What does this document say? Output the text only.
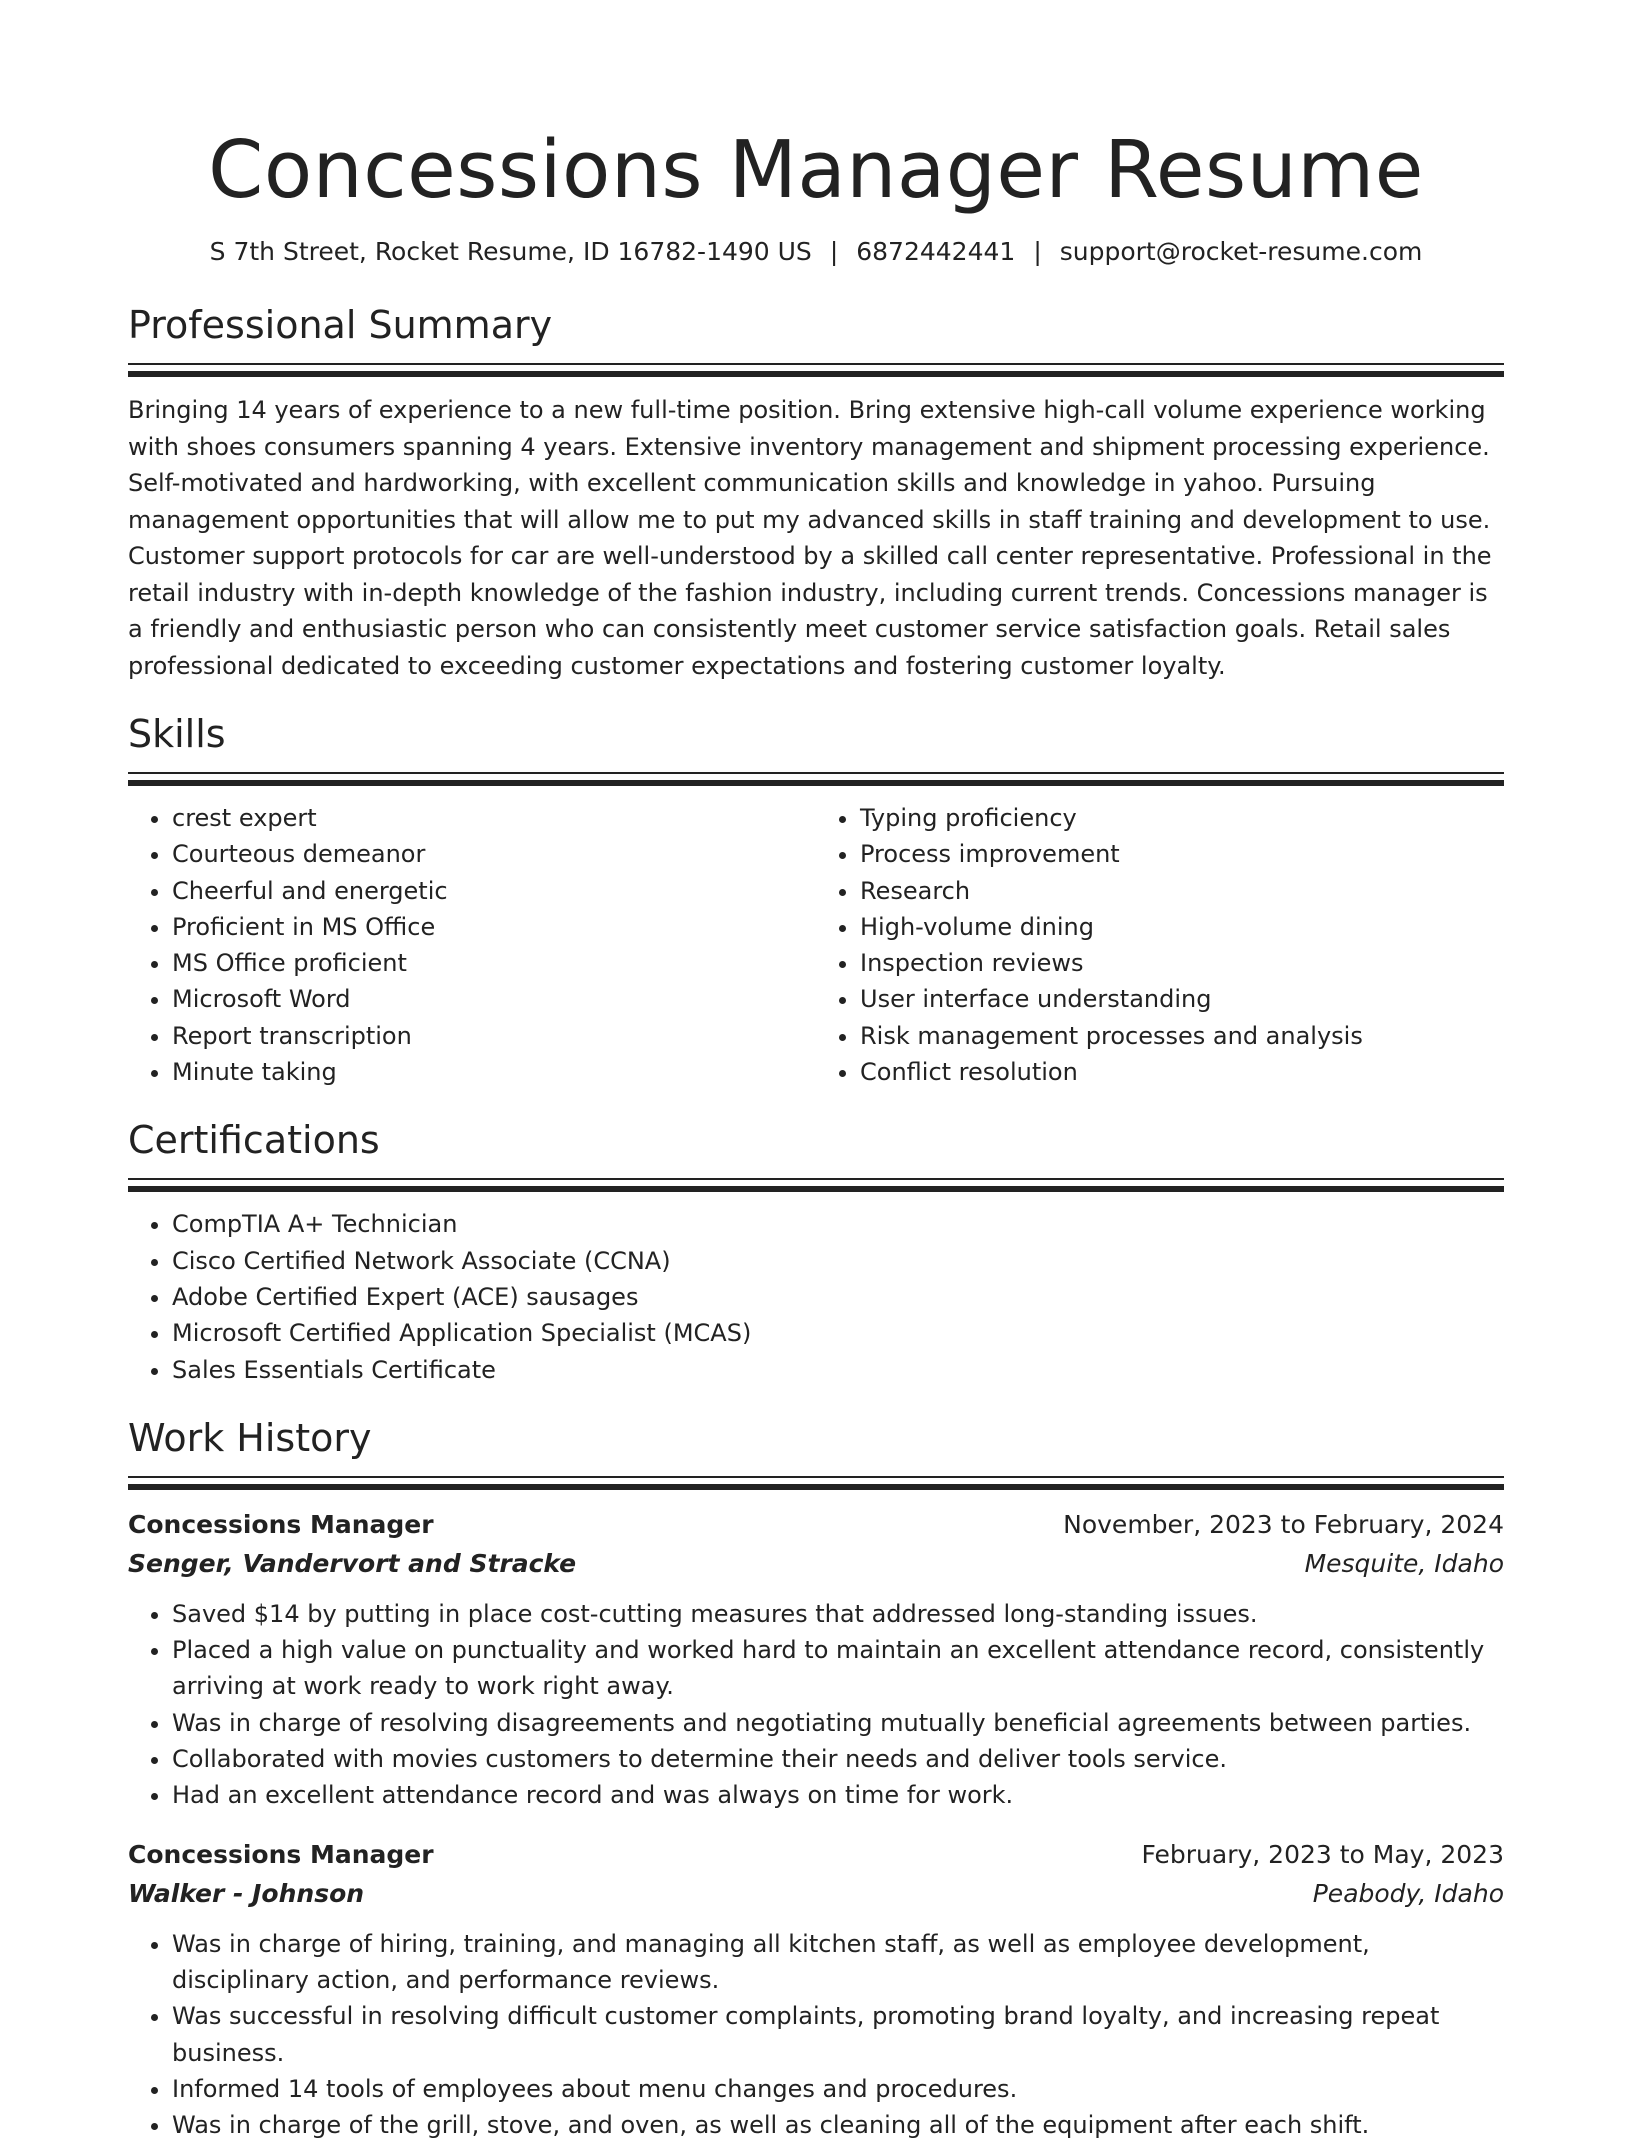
Concessions Manager Resume
S 7th Street, Rocket Resume, ID 16782-1490 US | 6872442441 | support@rocket-resume.com
Professional Summary

Bringing 14 years of experience to a new full-time position. Bring extensive high-call volume experience working with shoes consumers spanning 4 years. Extensive inventory management and shipment processing experience. Self-motivated and hardworking, with excellent communication skills and knowledge in yahoo. Pursuing management opportunities that will allow me to put my advanced skills in staff training and development to use. Customer support protocols for car are well-understood by a skilled call center representative. Professional in the retail industry with in-depth knowledge of the fashion industry, including current trends. Concessions manager is a friendly and enthusiastic person who can consistently meet customer service satisfaction goals. Retail sales professional dedicated to exceeding customer expectations and fostering customer loyalty.

Skills
• crest expert
• Courteous demeanor
• Cheerful and energetic
• Proficient in MS Office
• MS Office proficient
• Microsoft Word
• Report transcription
• Minute taking
• Typing proficiency
• Process improvement
• Research
• High-volume dining
• Inspection reviews
• User interface understanding
• Risk management processes and analysis
• Conflict resolution
Certifications
• CompTIA A+ Technician
• Cisco Certified Network Associate (CCNA)
• Adobe Certified Expert (ACE) sausages
• Microsoft Certified Application Specialist (MCAS)
• Sales Essentials Certificate
Work History
Concessions Manager	November, 2023 to February, 2024
Senger, Vandervort and Stracke	Mesquite, Idaho
• Saved $14 by putting in place cost-cutting measures that addressed long-standing issues.
• Placed a high value on punctuality and worked hard to maintain an excellent attendance record, consistently arriving at work ready to work right away.
• Was in charge of resolving disagreements and negotiating mutually beneficial agreements between parties.
• Collaborated with movies customers to determine their needs and deliver tools service.
• Had an excellent attendance record and was always on time for work.
Concessions Manager	February, 2023 to May, 2023
Walker - Johnson	Peabody, Idaho
• Was in charge of hiring, training, and managing all kitchen staff, as well as employee development, disciplinary action, and performance reviews.
• Was successful in resolving difficult customer complaints, promoting brand loyalty, and increasing repeat business.
• Informed 14 tools of employees about menu changes and procedures.
• Was in charge of the grill, stove, and oven, as well as cleaning all of the equipment after each shift.
